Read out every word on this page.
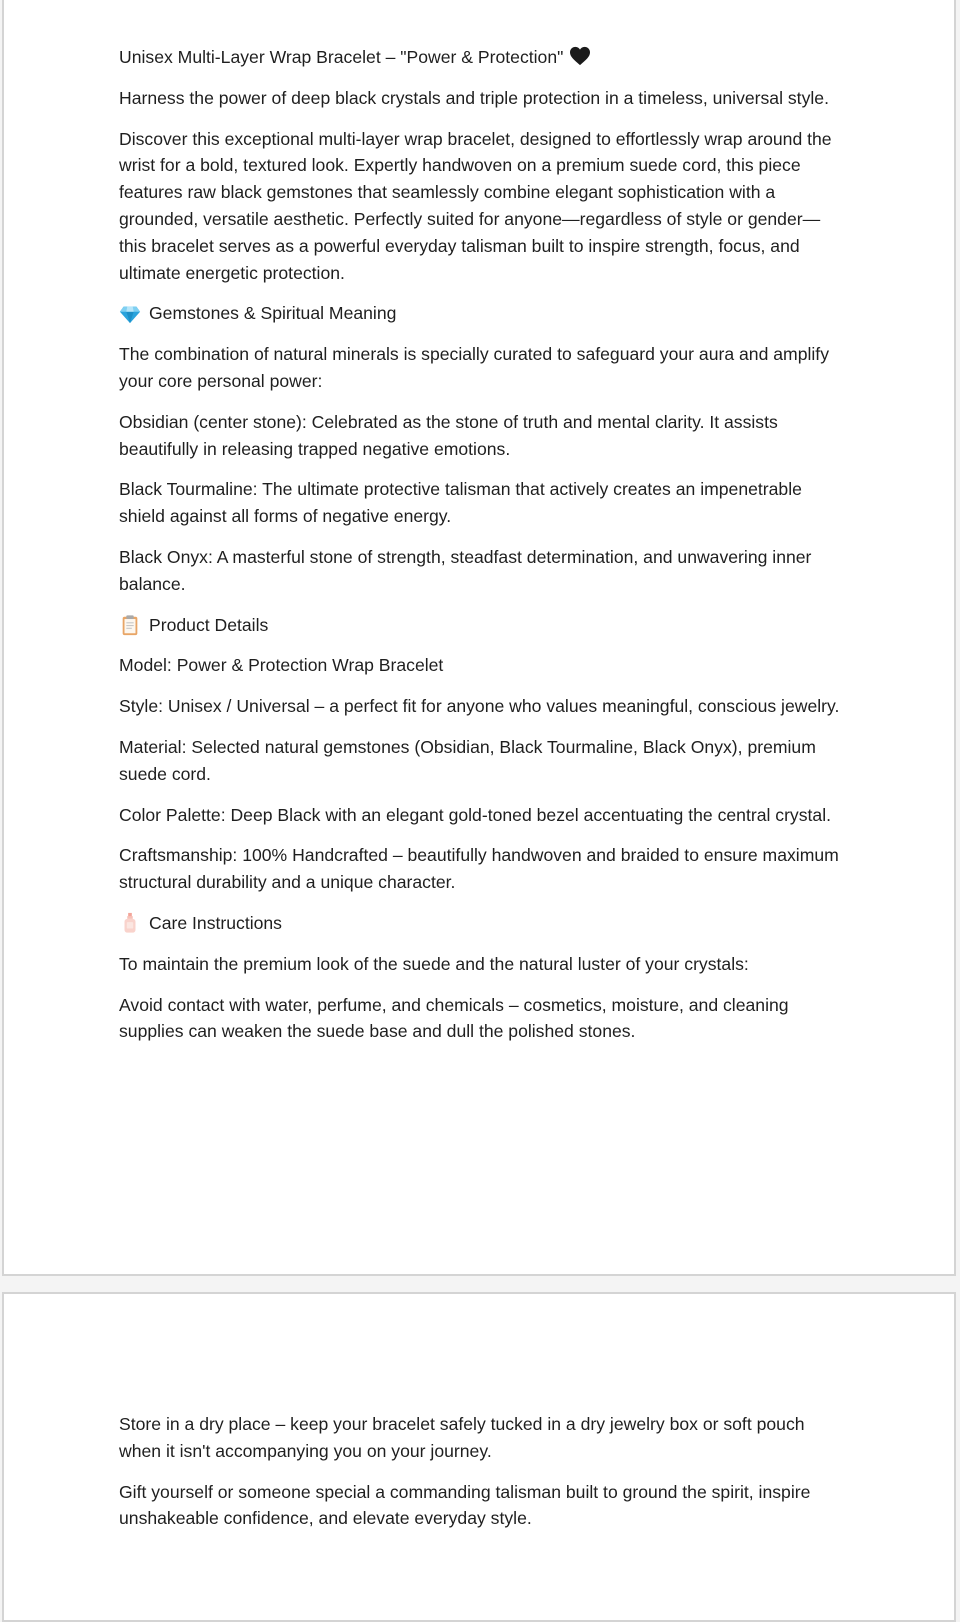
Unisex Multi-Layer Wrap Bracelet – "Power & Protection"

Harness the power of deep black crystals and triple protection in a timeless, universal style.

Discover this exceptional multi-layer wrap bracelet, designed to effortlessly wrap around the wrist for a bold, textured look. Expertly handwoven on a premium suede cord, this piece features raw black gemstones that seamlessly combine elegant sophistication with a grounded, versatile aesthetic. Perfectly suited for anyone—regardless of style or gender—this bracelet serves as a powerful everyday talisman built to inspire strength, focus, and ultimate energetic protection.

Gemstones & Spiritual Meaning

The combination of natural minerals is specially curated to safeguard your aura and amplify your core personal power:

Obsidian (center stone): Celebrated as the stone of truth and mental clarity. It assists beautifully in releasing trapped negative emotions.

Black Tourmaline: The ultimate protective talisman that actively creates an impenetrable shield against all forms of negative energy.

Black Onyx: A masterful stone of strength, steadfast determination, and unwavering inner balance.

Product Details

Model: Power & Protection Wrap Bracelet

Style: Unisex / Universal – a perfect fit for anyone who values meaningful, conscious jewelry.

Material: Selected natural gemstones (Obsidian, Black Tourmaline, Black Onyx), premium suede cord.

Color Palette: Deep Black with an elegant gold-toned bezel accentuating the central crystal.

Craftsmanship: 100% Handcrafted – beautifully handwoven and braided to ensure maximum structural durability and a unique character.

Care Instructions

To maintain the premium look of the suede and the natural luster of your crystals:

Avoid contact with water, perfume, and chemicals – cosmetics, moisture, and cleaning supplies can weaken the suede base and dull the polished stones.

Store in a dry place – keep your bracelet safely tucked in a dry jewelry box or soft pouch when it isn't accompanying you on your journey.

Gift yourself or someone special a commanding talisman built to ground the spirit, inspire unshakeable confidence, and elevate everyday style.
